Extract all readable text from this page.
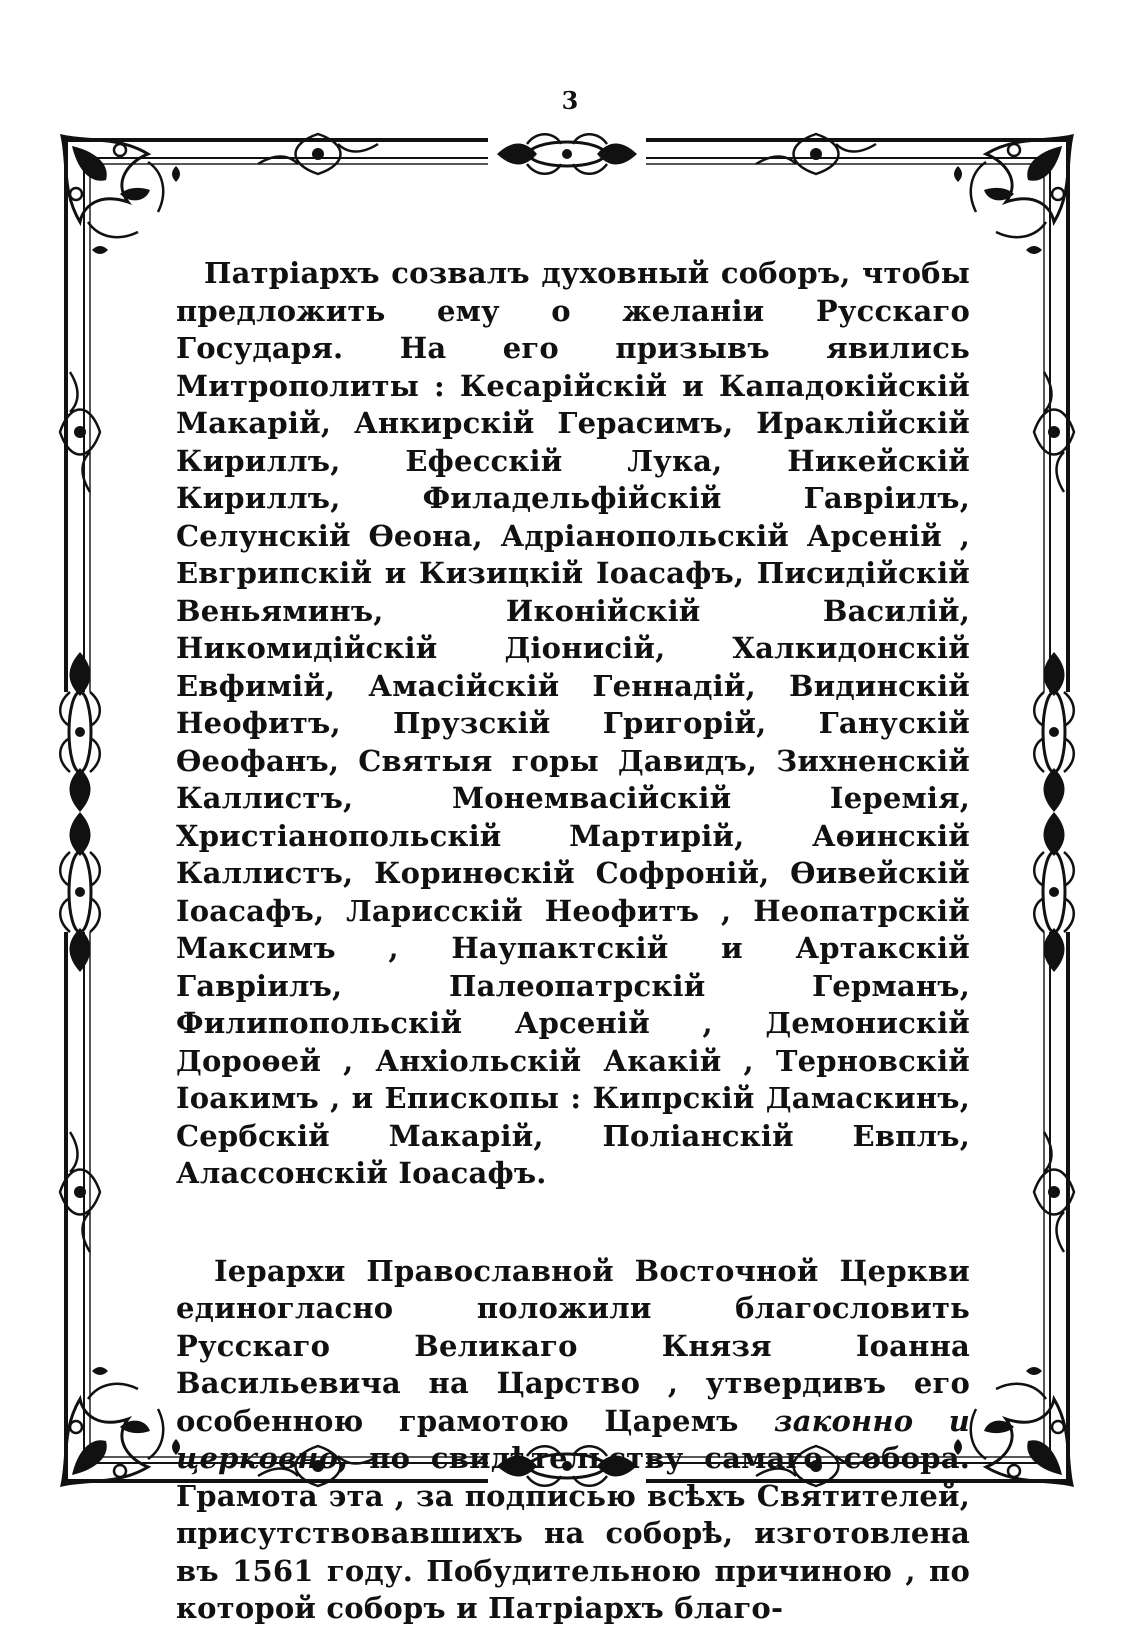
3

Патріархъ созвалъ духовный соборъ, чтобы предложить ему о желаніи Русскаго Государя. На его призывъ явились Митрополиты : Кесарійскій и Кападокійскій Макарій, Анкирскій Герасимъ, Ираклійскій Кириллъ, Ефесскій Лука, Никейскій Кириллъ, Филадельфійскій Гавріилъ, Селунскій Ѳеона, Адріанопольскій Арсеній , Евгрипскій и Кизицкій Іоасафъ, Писидійскій Веньяминъ, Иконійскій Василій, Никомидійскій Діонисій, Халкидонскій Евфимій, Амасійскій Геннадій, Видинскій Неофитъ, Прузскій Григорій, Ганускій Ѳеофанъ, Святыя горы Давидъ, Зихненскій Каллистъ, Монемвасійскій Іеремія, Христіанопольскій Мартирій, Аѳинскій Каллистъ, Коринѳскій Софроній, Ѳивейскій Іоасафъ, Ларисскій Неофитъ , Неопатрскій Максимъ , Наупактскій и Артакскій Гавріилъ, Палеопатрскій Германъ, Филипопольскій Арсеній , Демонискій Дороѳей , Анхіольскій Акакій , Терновскій Іоакимъ , и Епископы : Кипрскій Дамаскинъ, Сербскій Макарій, Поліанскій Евплъ, Алассонскій Іоасафъ.

Іерархи Православной Восточной Церкви единогласно положили благословить Русскаго Великаго Князя Іоанна Васильевича на Царство , утвердивъ его особенною грамотою Царемъ законно и церковно, по свидѣтельству самаго собора. Грамота эта , за подписью всѣхъ Святителей, присутствовавшихъ на соборѣ, изготовлена въ 1561 году. Побудительною причиною , по которой соборъ и Патріархъ благо-
